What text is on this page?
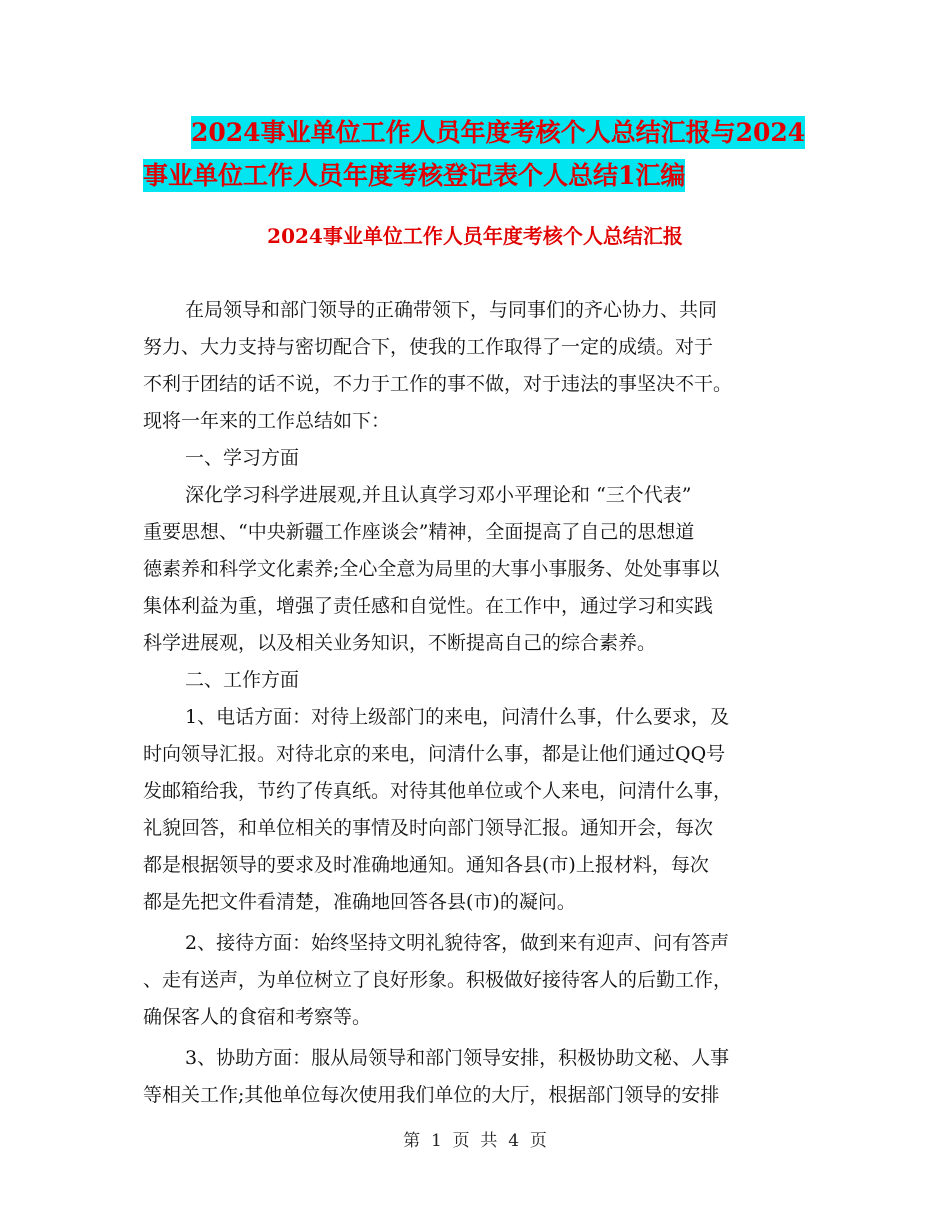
2024事业单位工作人员年度考核个人总结汇报与2024
事业单位工作人员年度考核登记表个人总结1汇编
2024事业单位工作人员年度考核个人总结汇报
在局领导和部门领导的正确带领下，与同事们的齐心协力、共同
努力、大力支持与密切配合下，使我的工作取得了一定的成绩。对于
不利于团结的话不说，不力于工作的事不做，对于违法的事坚决不干。
现将一年来的工作总结如下：
一、学习方面
深化学习科学进展观,并且认真学习邓小平理论和 “三个代表”
重要思想、“中央新疆工作座谈会”精神，全面提高了自己的思想道
德素养和科学文化素养;全心全意为局里的大事小事服务、处处事事以
集体利益为重，增强了责任感和自觉性。在工作中，通过学习和实践
科学进展观，以及相关业务知识，不断提高自己的综合素养。
二、工作方面
1、电话方面：对待上级部门的来电，问清什么事，什么要求，及
时向领导汇报。对待北京的来电，问清什么事，都是让他们通过QQ号
发邮箱给我，节约了传真纸。对待其他单位或个人来电，问清什么事，
礼貌回答，和单位相关的事情及时向部门领导汇报。通知开会，每次
都是根据领导的要求及时准确地通知。通知各县(市)上报材料，每次
都是先把文件看清楚，准确地回答各县(市)的凝问。
2、接待方面：始终坚持文明礼貌待客，做到来有迎声、问有答声
、走有送声，为单位树立了良好形象。积极做好接待客人的后勤工作，
确保客人的食宿和考察等。
3、协助方面：服从局领导和部门领导安排，积极协助文秘、人事
等相关工作;其他单位每次使用我们单位的大厅，根据部门领导的安排
第  1  页  共  4  页
